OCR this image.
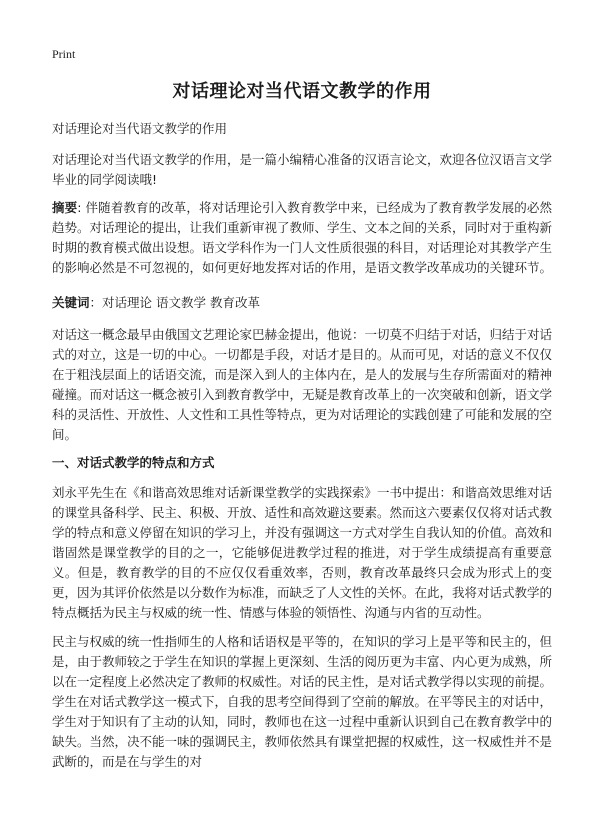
Print
对话理论对当代语文教学的作用

对话理论对当代语文教学的作用

对话理论对当代语文教学的作用，是一篇小编精心准备的汉语言论文，欢迎各位汉语言文学毕业的同学阅读哦!

摘要: 伴随着教育的改革，将对话理论引入教育教学中来，已经成为了教育教学发展的必然趋势。对话理论的提出，让我们重新审视了教师、学生、文本之间的关系，同时对于重构新时期的教育模式做出设想。语文学科作为一门人文性质很强的科目，对话理论对其教学产生的影响必然是不可忽视的，如何更好地发挥对话的作用，是语文教学改革成功的关键环节。

关键词：对话理论 语文教学 教育改革

对话这一概念最早由俄国文艺理论家巴赫金提出，他说：一切莫不归结于对话，归结于对话式的对立，这是一切的中心。一切都是手段，对话才是目的。从而可见，对话的意义不仅仅在于粗浅层面上的话语交流，而是深入到人的主体内在，是人的发展与生存所需面对的精神碰撞。而对话这一概念被引入到教育教学中，无疑是教育改革上的一次突破和创新，语文学科的灵活性、开放性、人文性和工具性等特点，更为对话理论的实践创建了可能和发展的空间。

一、对话式教学的特点和方式

刘永平先生在《和谐高效思维对话新课堂教学的实践探索》一书中提出：和谐高效思维对话的课堂具备科学、民主、积极、开放、适性和高效避这要素。然而这六要素仅仅将对话式教学的特点和意义停留在知识的学习上，并没有强调这一方式对学生自我认知的价值。高效和谐固然是课堂教学的目的之一，它能够促进教学过程的推进，对于学生成绩提高有重要意义。但是，教育教学的目的不应仅仅看重效率，否则，教育改革最终只会成为形式上的变更，因为其评价依然是以分数作为标准，而缺乏了人文性的关怀。在此，我将对话式教学的特点概括为民主与权威的统一性、情感与体验的领悟性、沟通与内省的互动性。

民主与权威的统一性指师生的人格和话语权是平等的，在知识的学习上是平等和民主的，但是，由于教师较之于学生在知识的掌握上更深刻、生活的阅历更为丰富、内心更为成熟，所以在一定程度上必然决定了教师的权威性。对话的民主性，是对话式教学得以实现的前提。学生在对话式教学这一模式下，自我的思考空间得到了空前的解放。在平等民主的对话中，学生对于知识有了主动的认知，同时，教师也在这一过程中重新认识到自己在教育教学中的缺失。当然，决不能一味的强调民主，教师依然具有课堂把握的权威性，这一权威性并不是武断的，而是在与学生的对
